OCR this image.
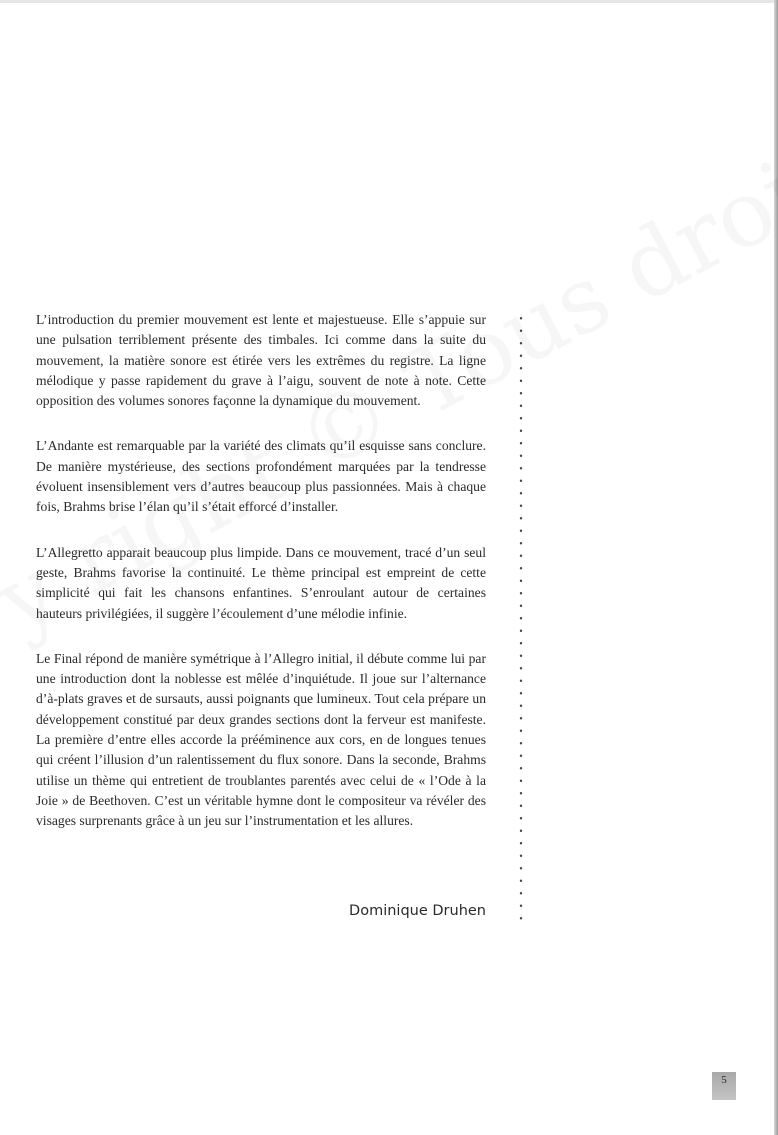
L’introduction du premier mouvement est lente et majestueuse. Elle s’appuie sur une pulsation terriblement présente des timbales. Ici comme dans la suite du mouvement, la matière sonore est étirée vers les extrêmes du registre. La ligne mélodique y passe rapidement du grave à l’aigu, souvent de note à note. Cette opposition des volumes sonores façonne la dynamique du mouvement.

L’Andante est remarquable par la variété des climats qu’il esquisse sans conclure. De manière mystérieuse, des sections profondément marquées par la tendresse évoluent insensiblement vers d’autres beaucoup plus passionnées. Mais à chaque fois, Brahms brise l’élan qu’il s’était efforcé d’installer.

L’Allegretto apparait beaucoup plus limpide. Dans ce mouvement, tracé d’un seul geste, Brahms favorise la continuité. Le thème principal est empreint de cette simplicité qui fait les chansons enfantines. S’enroulant autour de certaines hauteurs privilégiées, il suggère l’écoulement d’une mélodie infinie.

Le Final répond de manière symétrique à l’Allegro initial, il débute comme lui par une introduction dont la noblesse est mêlée d’inquiétude. Il joue sur l’alternance d’à-plats graves et de sursauts, aussi poignants que lumineux. Tout cela prépare un développement constitué par deux grandes sections dont la ferveur est manifeste. La première d’entre elles accorde la prééminence aux cors, en de longues tenues qui créent l’illusion d’un ralentissement du flux sonore. Dans la seconde, Brahms utilise un thème qui entretient de troublantes parentés avec celui de « l’Ode à la Joie » de Beethoven. C’est un véritable hymne dont le compositeur va révéler des visages surprenants grâce à un jeu sur l’instrumentation et les allures.

Dominique Druhen
5
